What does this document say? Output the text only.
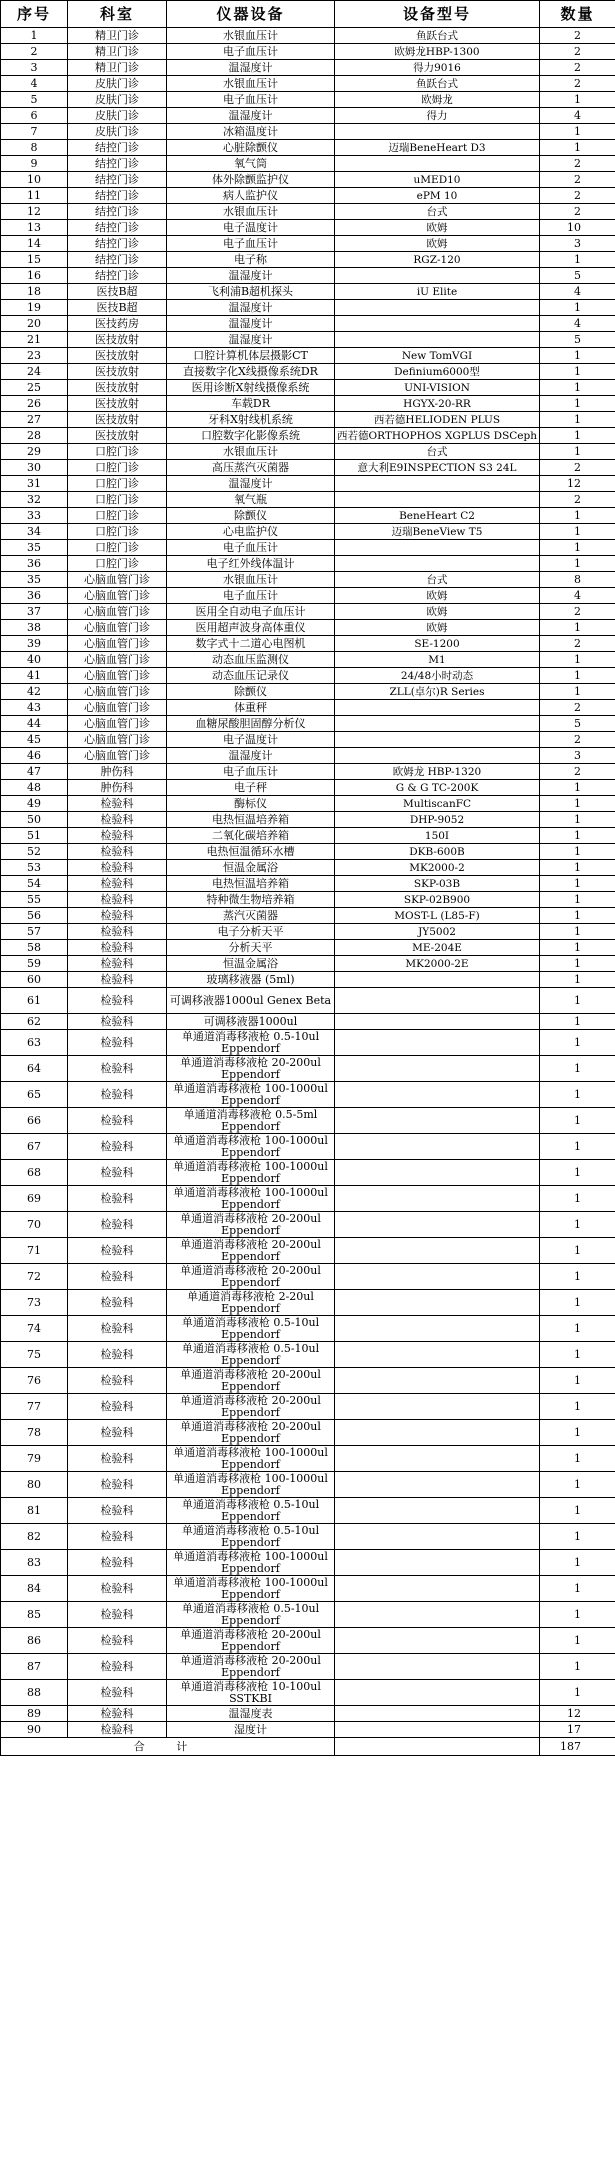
序号	科室	仪器设备	设备型号	数量
1	精卫门诊	水银血压计	鱼跃台式	2
2	精卫门诊	电子血压计	欧姆龙HBP-1300	2
3	精卫门诊	温湿度计	得力9016	2
4	皮肤门诊	水银血压计	鱼跃台式	2
5	皮肤门诊	电子血压计	欧姆龙	1
6	皮肤门诊	温湿度计	得力	4
7	皮肤门诊	冰箱温度计		1
8	结控门诊	心脏除颤仪	迈瑞BeneHeart D3	1
9	结控门诊	氧气筒		2
10	结控门诊	体外除颤监护仪	uMED10	2
11	结控门诊	病人监护仪	ePM 10	2
12	结控门诊	水银血压计	台式	2
13	结控门诊	电子温度计	欧姆	10
14	结控门诊	电子血压计	欧姆	3
15	结控门诊	电子称	RGZ-120	1
16	结控门诊	温湿度计		5
18	医技B超	飞利浦B超机探头	iU Elite	4
19	医技B超	温湿度计		1
20	医技药房	温湿度计		4
21	医技放射	温湿度计		5
23	医技放射	口腔计算机体层摄影CT	New TomVGI	1
24	医技放射	直接数字化X线摄像系统DR	Definium6000型	1
25	医技放射	医用诊断X射线摄像系统	UNI-VISION	1
26	医技放射	车载DR	HGYX-20-RR	1
27	医技放射	牙科X射线机系统	西若德HELIODEN PLUS	1
28	医技放射	口腔数字化影像系统	西若德ORTHOPHOS XGPLUS DSCeph	1
29	口腔门诊	水银血压计	台式	1
30	口腔门诊	高压蒸汽灭菌器	意大利E9INSPECTION S3 24L	2
31	口腔门诊	温湿度计		12
32	口腔门诊	氧气瓶		2
33	口腔门诊	除颤仪	BeneHeart C2	1
34	口腔门诊	心电监护仪	迈瑞BeneView T5	1
35	口腔门诊	电子血压计		1
36	口腔门诊	电子红外线体温计		1
35	心脑血管门诊	水银血压计	台式	8
36	心脑血管门诊	电子血压计	欧姆	4
37	心脑血管门诊	医用全自动电子血压计	欧姆	2
38	心脑血管门诊	医用超声波身高体重仪	欧姆	1
39	心脑血管门诊	数字式十二道心电图机	SE-1200	2
40	心脑血管门诊	动态血压监测仪	M1	1
41	心脑血管门诊	动态血压记录仪	24/48小时动态	1
42	心脑血管门诊	除颤仪	ZLL(卓尔)R Series	1
43	心脑血管门诊	体重秤		2
44	心脑血管门诊	血糖尿酸胆固醇分析仪		5
45	心脑血管门诊	电子温度计		2
46	心脑血管门诊	温湿度计		3
47	肿伤科	电子血压计	欧姆龙 HBP-1320	2
48	肿伤科	电子秤	G & G TC-200K	1
49	检验科	酶标仪	MultiscanFC	1
50	检验科	电热恒温培养箱	DHP-9052	1
51	检验科	二氧化碳培养箱	150I	1
52	检验科	电热恒温循环水槽	DKB-600B	1
53	检验科	恒温金属浴	MK2000-2	1
54	检验科	电热恒温培养箱	SKP-03B	1
55	检验科	特种微生物培养箱	SKP-02B900	1
56	检验科	蒸汽灭菌器	MOST-L (L85-F)	1
57	检验科	电子分析天平	JY5002	1
58	检验科	分析天平	ME-204E	1
59	检验科	恒温金属浴	MK2000-2E	1
60	检验科	玻璃移液器 (5ml)		1
61	检验科	可调移液器1000ul Genex Beta		1
62	检验科	可调移液器1000ul		1
63	检验科	单通道消毒移液枪 0.5-10ul Eppendorf		1
64	检验科	单通道消毒移液枪 20-200ul Eppendorf		1
65	检验科	单通道消毒移液枪 100-1000ul Eppendorf		1
66	检验科	单通道消毒移液枪 0.5-5ml Eppendorf		1
67	检验科	单通道消毒移液枪 100-1000ul Eppendorf		1
68	检验科	单通道消毒移液枪 100-1000ul Eppendorf		1
69	检验科	单通道消毒移液枪 100-1000ul Eppendorf		1
70	检验科	单通道消毒移液枪 20-200ul Eppendorf		1
71	检验科	单通道消毒移液枪 20-200ul Eppendorf		1
72	检验科	单通道消毒移液枪 20-200ul Eppendorf		1
73	检验科	单通道消毒移液枪 2-20ul Eppendorf		1
74	检验科	单通道消毒移液枪 0.5-10ul Eppendorf		1
75	检验科	单通道消毒移液枪 0.5-10ul Eppendorf		1
76	检验科	单通道消毒移液枪 20-200ul Eppendorf		1
77	检验科	单通道消毒移液枪 20-200ul Eppendorf		1
78	检验科	单通道消毒移液枪 20-200ul Eppendorf		1
79	检验科	单通道消毒移液枪 100-1000ul Eppendorf		1
80	检验科	单通道消毒移液枪 100-1000ul Eppendorf		1
81	检验科	单通道消毒移液枪 0.5-10ul Eppendorf		1
82	检验科	单通道消毒移液枪 0.5-10ul Eppendorf		1
83	检验科	单通道消毒移液枪 100-1000ul Eppendorf		1
84	检验科	单通道消毒移液枪 100-1000ul Eppendorf		1
85	检验科	单通道消毒移液枪 0.5-10ul Eppendorf		1
86	检验科	单通道消毒移液枪 20-200ul Eppendorf		1
87	检验科	单通道消毒移液枪 20-200ul Eppendorf		1
88	检验科	单通道消毒移液枪 10-100ul SSTKBI		1
89	检验科	温湿度表		12
90	检验科	湿度计		17
合 计				187
